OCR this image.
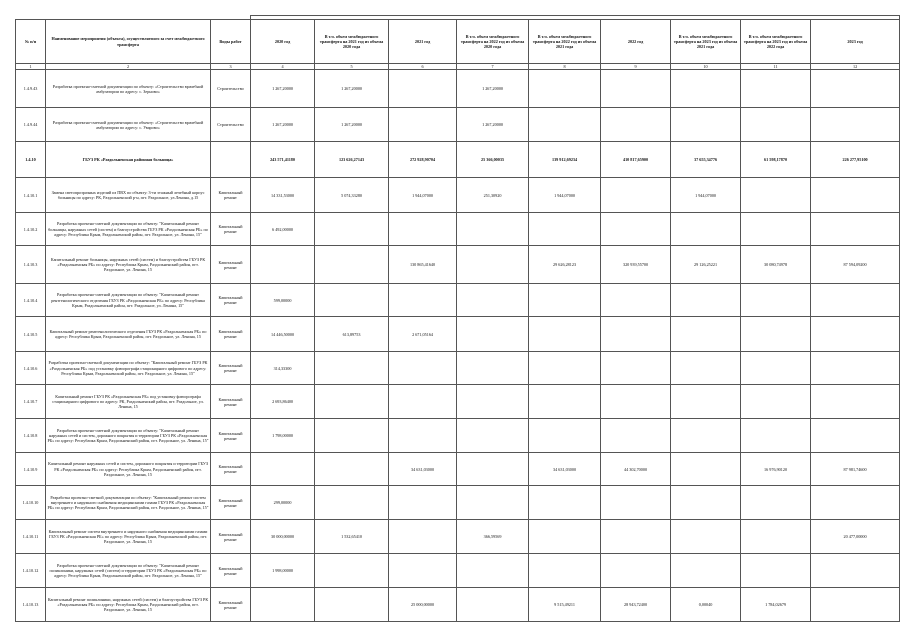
№ п/п	Наименование мероприятия (объекта), осуществляемого за счет межбюджетного трансферта	Виды работ	2020 год	В т.ч. объем межбюджетного трансферта на 2021 год из объема 2020 года	2021 год	В т.ч. объем межбюджетного трансферта на 2022 год из объема 2020 года	В т.ч. объем межбюджетного трансферта на 2022 год из объема 2021 года	2022 год	В т.ч. объем межбюджетного трансферта на 2023 год из объема 2021 года	В т.ч. объем межбюджетного трансферта на 2023 год из объема 2022 года	2023 год
1	2	3	4	5	6	7	8	9	10	11	12
1.4.9.43	Разработка проектно-сметной документации по объекту: «Строительство врачебной амбулатории по адресу: с. Зерново»	Строительство	1 267,20000	1 267,20000		1 267,20000					
1.4.9.44	Разработка проектно-сметной документации по объекту: «Строительство врачебной амбулатории по адресу: с. Уварово»	Строительство	1 267,20000	1 267,20000		1 267,20000					
1.4.10	ГБУЗ РК «Раздольненская районная больница»		243 571,41180	123 626,27143	272 928,90704	25 366,00035	139 912,69234	410 817,65900	37 655,34776	61 598,17870	226 277,95100
1.4.10.1	Замена светопрозрачных изделий из ПВХ по объекту: 3-ти этажный лечебный корпус больницы по адресу: РК, Раздольненский р-н, пгт. Раздольное, ул.Ленина, д.15	Капитальный ремонт	14 331,53000	5 074,33280	1 944,07000	251,30920	1 944,07000		1 944,07000		
1.4.10.2	Разработка проектно-сметной документации по объекту: "Капитальный ремонт больницы, наружных сетей (систем) и благоустройства ГБУЗ РК «Раздольненская РБ» по адресу: Республика Крым, Раздольненский район, пгт. Раздольное, ул. Ленина, 15"	Капитальный ремонт	6 492,00000								
1.4.10.3	Капитальный ремонт больницы, наружных сетей (систем) и благоустройства ГБУЗ РК «Раздольненская РБ» по адресу: Республика Крым, Раздольненский район, пгт. Раздольное, ул. Ленина, 15	Капитальный ремонт			130 865,41640		29 626,28123	320 939,55700	29 126,25221	30 080,74978	87 594,09200
1.4.10.4	Разработка проектно-сметной документации по объекту: "Капитальный ремонт рентгенологического отделения ГБУЗ РК «Раздольненская РБ» по адресу: Республика Крым, Раздольненский район, пгт. Раздольное, ул. Ленина, 15"	Капитальный ремонт	599,00000								
1.4.10.5	Капитальный ремонт рентгенологического отделения ГБУЗ РК «Раздольненская РБ» по адресу: Республика Крым, Раздольненский район, пгт. Раздольное, ул. Ленина, 15	Капитальный ремонт	14 446,50000	613,89753	2 671,05164						
1.4.10.6	Разработка проектно-сметной документации по объекту: "Капитальный ремонт ГБУЗ РК «Раздольненская РБ» под установку флюорографа стационарного цифрового по адресу: Республика Крым, Раздольненский район, пгт. Раздольное, ул. Ленина, 15"	Капитальный ремонт	314,33300								
1.4.10.7	Капитальный ремонт ГБУЗ РК «Раздольненская РБ» под установку флюорографа стационарного цифрового по адресу: РК, Раздольненский район, пгт. Раздольное, ул. Ленина, 15	Капитальный ремонт	2 693,86400								
1.4.10.8	Разработка проектно-сметной документации по объекту: "Капитальный ремонт наружных сетей и систем, дорожного покрытия и территории ГБУЗ РК «Раздольненская РБ» по адресу: Республика Крым, Раздольненский район, пгт. Раздольное, ул. Ленина, 15"	Капитальный ремонт	1 798,00000								
1.4.10.9	Капитальный ремонт наружных сетей и систем, дорожного покрытия и территории ГБУЗ РК «Раздольненская РБ» по адресу: Республика Крым, Раздольненский район, пгт. Раздольное, ул. Ленина, 15	Капитальный ремонт			34 631,03000		34 631,03000	44 302,70000		16 976,90120	87 981,74600
1.4.10.10	Разработка проектно-сметной документации по объекту: "Капитальный ремонт систем внутреннего и наружного снабжения медицинскими газами ГБУЗ РК «Раздольненская РБ» по адресу: Республика Крым, Раздольненский район, пгт. Раздольное, ул. Ленина, 15"	Капитальный ремонт	299,00000								
1.4.10.11	Капитальный ремонт систем внутреннего и наружного снабжения медицинскими газами ГБУЗ РК «Раздольненская РБ» по адресу: Республика Крым, Раздольненский район, пгт. Раздольное, ул. Ленина, 15	Капитальный ремонт	30 000,00000	1 532,65410		366,59569					20 477,00000
1.4.10.12	Разработка проектно-сметной документации по объекту: "Капитальный ремонт поликлиники, наружных сетей (систем) и территории ГБУЗ РК «Раздольненская РБ» по адресу: Республика Крым, Раздольненский район, пгт. Раздольное, ул. Ленина, 15"	Капитальный ремонт	1 998,00000								
1.4.10.13	Капитальный ремонт поликлиники, наружных сетей (систем) и благоустройства ГБУЗ РК «Раздольненская РБ» по адресу: Республика Крым, Раздольненский район, пгт. Раздольное, ул. Ленина, 15	Капитальный ремонт			25 000,00000		9 515,49211	28 943,72400	0,00040	1 784,02679	
